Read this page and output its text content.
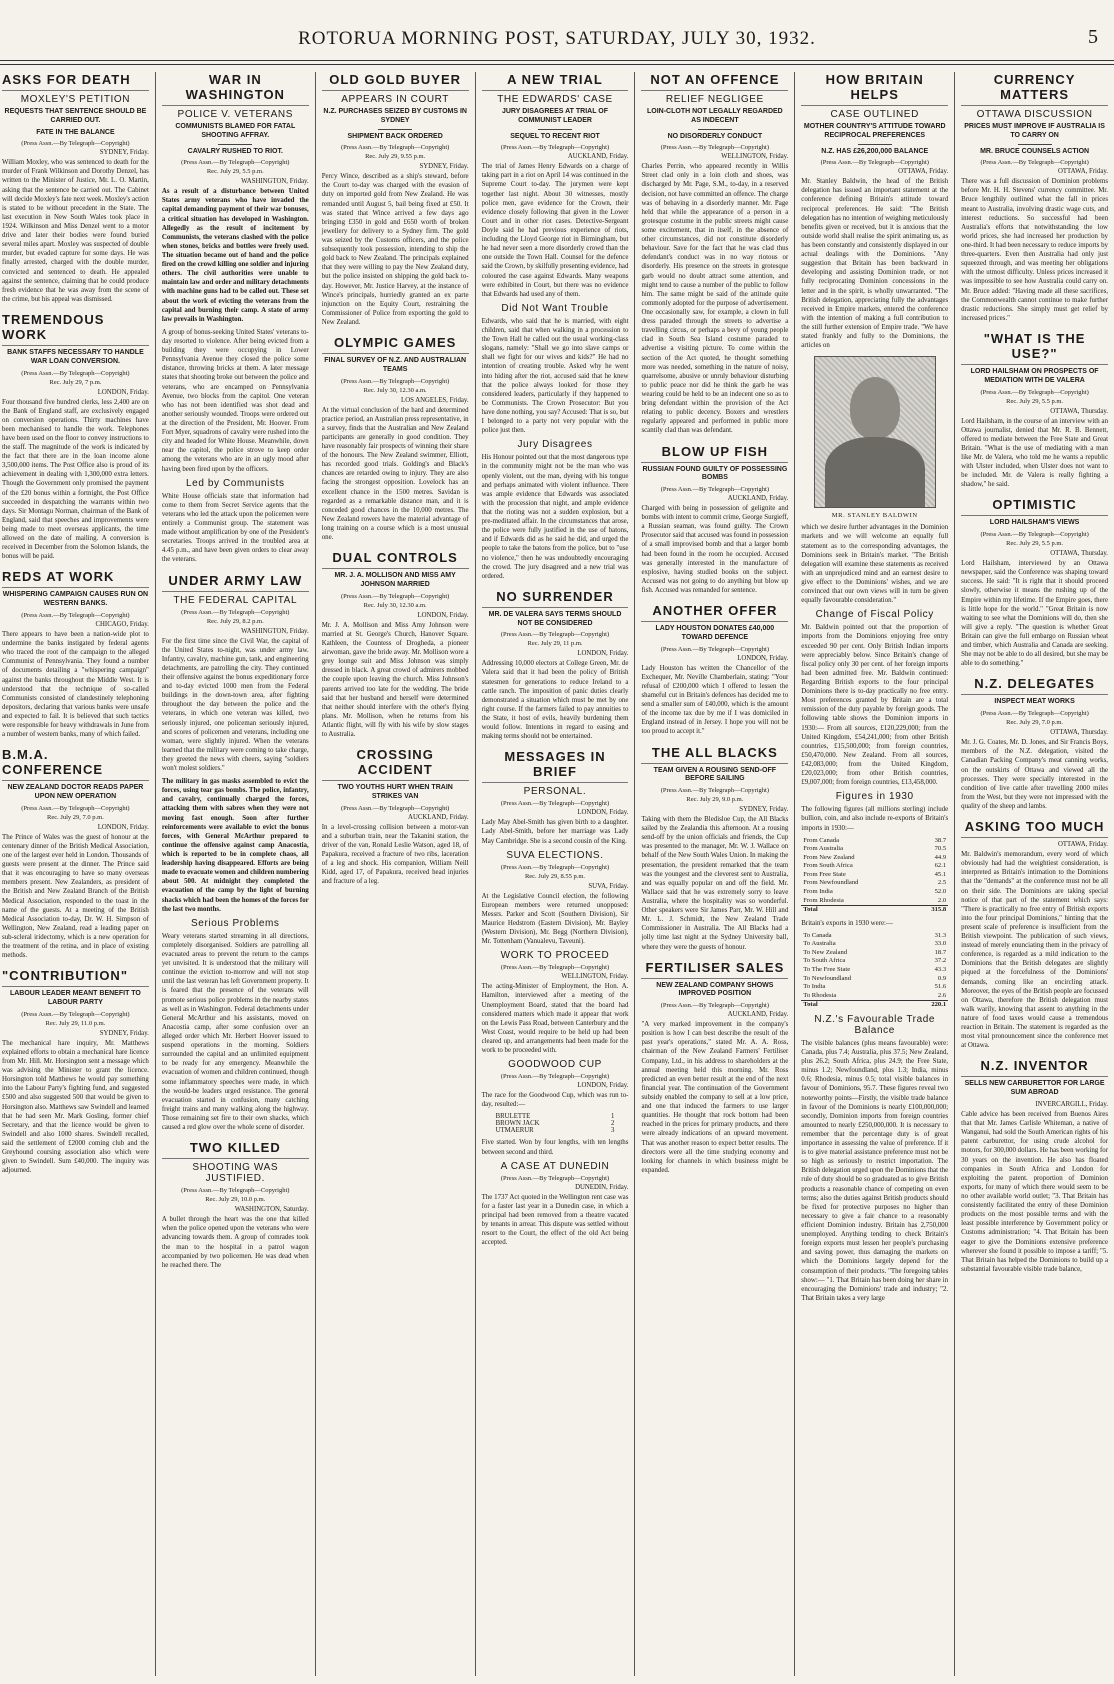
ROTORUA MORNING POST, SATURDAY, JULY 30, 1932.	5
ASKS FOR DEATH
MOXLEY'S PETITION
REQUESTS THAT SENTENCE SHOULD BE CARRIED OUT.
FATE IN THE BALANCE
(Press Assn.—By Telegraph—Copyright)
SYDNEY, Friday.

William Moxley, who was sentenced to death for the murder of Frank Wilkinson and Dorothy Denzel, has written to the Minister of Justice, Mr. L. O. Martin, asking that the sentence be carried out. The Cabinet will decide Moxley's fate next week. Moxley's action is stated to be without precedent in the State. The last execution in New South Wales took place in 1924. Wilkinson and Miss Denzel went to a motor drive and later their bodies were found buried several miles apart. Moxley was suspected of double murder, but evaded capture for some days. He was finally arrested, charged with the double murder, convicted and sentenced to death. He appealed against the sentence, claiming that he could produce fresh evidence that he was away from the scene of the crime, but his appeal was dismissed.

TREMENDOUS WORK
BANK STAFFS NECESSARY TO HANDLE WAR LOAN CONVERSION.
(Press Assn.—By Telegraph—Copyright)
Rec. July 29, 7 p.m.
LONDON, Friday.

Four thousand five hundred clerks, less 2,400 are on the Bank of England staff, are exclusively engaged on conversion operations. Thirty machines have been mechanised to handle the work. Telephones have been used on the floor to convey instructions to the staff. The magnitude of the work is indicated by the fact that there are in the loan income alone 3,500,000 items. The Post Office also is proud of its achievement in dealing with 1,300,000 extra letters. Though the Government only promised the payment of the £20 bonus within a fortnight, the Post Office succeeded in despatching the warrants within two days. Sir Montagu Norman, chairman of the Bank of England, said that speeches and improvements were being made to meet overseas applicants, the time allowed on the date of mailing. A conversion is received in December from the Solomon Islands, the bonus will be paid.

REDS AT WORK
WHISPERING CAMPAIGN CAUSES RUN ON WESTERN BANKS.
(Press Assn.—By Telegraph—Copyright)
CHICAGO, Friday.

There appears to have been a nation-wide plot to undermine the banks instigated by federal agents who traced the root of the campaign to the alleged Communist of Pennsylvania. They found a number of documents detailing a "whispering campaign" against the banks throughout the Middle West. It is understood that the technique of so-called Communists consisted of clandestinely telephoning depositors, declaring that various banks were unsafe and expected to fail. It is believed that such tactics were responsible for heavy withdrawals in June from a number of western banks, many of which failed.

B.M.A. CONFERENCE
NEW ZEALAND DOCTOR READS PAPER UPON NEW OPERATION
(Press Assn.—By Telegraph—Copyright)
Rec. July 29, 7.0 p.m.
LONDON, Friday.

The Prince of Wales was the guest of honour at the centenary dinner of the British Medical Association, one of the largest ever held in London. Thousands of guests were present at the dinner. The Prince said that it was encouraging to have so many overseas members present. New Zealanders, as president of the British and New Zealand Branch of the British Medical Association, responded to the toast in the name of the guests. At a meeting of the British Medical Association to-day, Dr. W. H. Simpson of Wellington, New Zealand, read a leading paper on sub-scleral iridectomy, which is a new operation for the treatment of the retina, and in place of existing methods.

"CONTRIBUTION"
LABOUR LEADER MEANT BENEFIT TO LABOUR PARTY
(Press Assn.—By Telegraph—Copyright)
Rec. July 29, 11.0 p.m.
SYDNEY, Friday.

The mechanical hare inquiry, Mr. Matthews explained efforts to obtain a mechanical hare licence from Mr. Hill. Mr. Horsington sent a message which was advising the Minister to grant the licence. Horsington told Matthews he would pay something into the Labour Party's fighting fund, and suggested £500 and also suggested 500 that would be given to Horsington also. Matthews saw Swindell and learned that he had seen Mr. Mark Gosling, former chief Secretary, and that the licence would be given to Swindell and also 1000 shares. Swindell recalled, said the settlement of £2000 coming club and the Greyhound coursing association also which were given to Swindell. Sum £40,000. The inquiry was adjourned.

WAR IN WASHINGTON
POLICE V. VETERANS
COMMUNISTS BLAMED FOR FATAL SHOOTING AFFRAY.
CAVALRY RUSHED TO RIOT.
(Press Assn.—By Telegraph—Copyright)
Rec. July 29, 5.5 p.m.
WASHINGTON, Friday.

As a result of a disturbance between United States army veterans who have invaded the capital demanding payment of their war bonuses, a critical situation has developed in Washington. Allegedly as the result of incitement by Communists, the veterans clashed with the police when stones, bricks and bottles were freely used. The situation became out of hand and the police fired on the crowd killing one soldier and injuring others. The civil authorities were unable to maintain law and order and military detachments with machine guns had to be called out. These set about the work of evicting the veterans from the capital and burning their camp. A state of army law prevails in Washington.

A group of bonus-seeking United States' veterans to-day resorted to violence. After being evicted from a building they were occupying in Lower Pennsylvania Avenue they closed the police some distance, throwing bricks at them. A later message states that shooting broke out between the police and veterans, who are encamped on Pennsylvania Avenue, two blocks from the capitol. One veteran who has not been identified was shot dead and another seriously wounded. Troops were ordered out at the direction of the President, Mr. Hoover. From Fort Myer, squadrons of cavalry were rushed into the city and headed for White House. Meanwhile, down near the capitol, the police strove to keep order among the veterans who are in an ugly mood after having been fired upon by the officers.

Led by Communists

White House officials state that information had come to them from Secret Service agents that the veterans who led the attack upon the policemen were entirely a Communist group. The statement was made without amplification by one of the President's secretaries. Troops arrived in the troubled area at 4.45 p.m., and have been given orders to clear away the veterans.

UNDER ARMY LAW
THE FEDERAL CAPITAL
(Press Assn.—By Telegraph—Copyright)
Rec. July 29, 8.2 p.m.
WASHINGTON, Friday.

For the first time since the Civil War, the capital of the United States to-night, was under army law. Infantry, cavalry, machine gun, tank, and engineering detachments, are patrolling the city. They continued their offensive against the bonus expeditionary force and to-day evicted 1000 men from the Federal buildings in the down-town area, after fighting throughout the day between the police and the veterans, in which one veteran was killed, two seriously injured, one policeman seriously injured, and scores of policemen and veterans, including one woman, were slightly injured. When the veterans learned that the military were coming to take charge, they greeted the news with cheers, saying "soldiers won't molest soldiers."

The military in gas masks assembled to evict the forces, using tear gas bombs. The police, infantry, and cavalry, continually charged the forces, attacking them with sabres when they were not moving fast enough. Soon after further reinforcements were available to evict the bonus forces, with General McArthur prepared to continue the offensive against camp Anacostia, which is reported to be in complete chaos, all leadership having disappeared. Efforts are being made to evacuate women and children numbering about 500. At midnight they completed the evacuation of the camp by the light of burning shacks which had been the homes of the forces for the last two months.

Serious Problems

Weary veterans started streaming in all directions, completely disorganised. Soldiers are patrolling all evacuated areas to prevent the return to the camps yet unvisited. It is understood that the military will continue the eviction to-morrow and will not stop until the last veteran has left Government property. It is feared that the presence of the veterans will promote serious police problems in the nearby states as well as in Washington. Federal detachments under General McArthur and his assistants, moved on Anacostia camp, after some confusion over an alleged order which Mr. Herbert Hoover issued to suspend operations in the morning. Soldiers surrounded the capital and an unlimited equipment to be ready for any emergency. Meanwhile the evacuation of women and children continued, though some inflammatory speeches were made, in which the would-be leaders urged resistance. The general evacuation started in confusion, many catching freight trains and many walking along the highway. Those remaining set fire to their own shacks, which caused a red glow over the whole scene of disorder.

TWO KILLED
SHOOTING WAS JUSTIFIED.
(Press Assn.—By Telegraph—Copyright)
Rec. July 29, 10.0 p.m.
WASHINGTON, Saturday.

A bullet through the heart was the one that killed when the police opened upon the veterans who were advancing towards them. A group of comrades took the man to the hospital in a patrol wagon accompanied by two policemen. He was dead when he reached there. The

OLD GOLD BUYER
APPEARS IN COURT
N.Z. PURCHASES SEIZED BY CUSTOMS IN SYDNEY
SHIPMENT BACK ORDERED
(Press Assn.—By Telegraph—Copyright)
Rec. July 29, 9.55 p.m.
SYDNEY, Friday.

Percy Wince, described as a ship's steward, before the Court to-day was charged with the evasion of duty on imported gold from New Zealand. He was remanded until August 5, bail being fixed at £50. It was stated that Wince arrived a few days ago bringing £350 in gold and £650 worth of broken jewellery for delivery to a Sydney firm. The gold was seized by the Customs officers, and the police subsequently took possession, intending to ship the gold back to New Zealand. The principals explained that they were willing to pay the New Zealand duty, but the police insisted on shipping the gold back to-day. However, Mr. Justice Harvey, at the instance of Wince's principals, hurriedly granted an ex parte injunction on the Equity Court, restraining the Commissioner of Police from exporting the gold to New Zealand.

OLYMPIC GAMES
FINAL SURVEY OF N.Z. AND AUSTRALIAN TEAMS
(Press Assn.—By Telegraph—Copyright)
Rec. July 30, 12.30 a.m.
LOS ANGELES, Friday.

At the virtual conclusion of the hard and determined practice period, an Australian press representative, in a survey, finds that the Australian and New Zealand participants are generally in good condition. They have reasonably fair prospects of winning their share of the honours. The New Zealand swimmer, Elliott, has recorded good trials. Golding's and Black's chances are retarded owing to injury. They are also facing the strongest opposition. Lovelock has an excellent chance in the 1500 metres. Savidan is regarded as a remarkable distance man, and it is conceded good chances in the 10,000 metres. The New Zealand rowers have the material advantage of long training on a course which is a most unusual one.

DUAL CONTROLS
MR. J. A. MOLLISON AND MISS AMY JOHNSON MARRIED
(Press Assn.—By Telegraph—Copyright)
Rec. July 30, 12.30 a.m.
LONDON, Friday.

Mr. J. A. Mollison and Miss Amy Johnson were married at St. George's Church, Hanover Square. Kathleen, the Countess of Drogheda, a pioneer airwoman, gave the bride away. Mr. Mollison wore a grey lounge suit and Miss Johnson was simply dressed in black. A great crowd of admirers mobbed the couple upon leaving the church. Miss Johnson's parents arrived too late for the wedding. The bride said that her husband and herself were determined that neither should interfere with the other's flying plans. Mr. Mollison, when he returns from his Atlantic flight, will fly with his wife by slow stages to Australia.

CROSSING ACCIDENT
TWO YOUTHS HURT WHEN TRAIN STRIKES VAN
(Press Assn.—By Telegraph—Copyright)
AUCKLAND, Friday.

In a level-crossing collision between a motor-van and a suburban train, near the Takanini station, the driver of the van, Ronald Leslie Watson, aged 18, of Papakura, received a fracture of two ribs, laceration of a leg and shock. His companion, William Neill Kidd, aged 17, of Papakura, received head injuries and fracture of a leg.

A NEW TRIAL
THE EDWARDS' CASE
JURY DISAGREES AT TRIAL OF COMMUNIST LEADER
SEQUEL TO RECENT RIOT
(Press Assn.—By Telegraph—Copyright)
AUCKLAND, Friday.

The trial of James Henry Edwards on a charge of taking part in a riot on April 14 was continued in the Supreme Court to-day. The jurymen were kept together last night. About 30 witnesses, mostly police men, gave evidence for the Crown, their evidence closely following that given in the Lower Court and in other riot cases. Detective-Sergeant Doyle said he had previous experience of riots, including the Lloyd George riot in Birmingham, but he had never seen a more disorderly crowd than the one outside the Town Hall. Counsel for the defence said the Crown, by skilfully presenting evidence, had coloured the case against Edwards. Many weapons were exhibited in Court, but there was no evidence that Edwards had used any of them.

Did Not Want Trouble

Edwards, who said that he is married, with eight children, said that when walking in a procession to the Town Hall he called out the usual working-class slogans, namely: "Shall we go into slave camps or shall we fight for our wives and kids?" He had no intention of creating trouble. Asked why he went into hiding after the riot, accused said that he knew that the police always looked for those they considered leaders, particularly if they happened to be Communists. The Crown Prosecutor: But you have done nothing, you say? Accused: That is so, but I belonged to a party not very popular with the police just then.

Jury Disagrees

His Honour pointed out that the most dangerous type in the community might not be the man who was openly violent, out the man, dyeing with his tongue and perhaps animated with violent influence. There was ample evidence that Edwards was associated with the procession that night, and ample evidence that the rioting was not a sudden explosion, but a pre-meditated affair. In the circumstances that arose, the police were fully justified in the use of batons, and if Edwards did as he said he did, and urged the people to take the batons from the police, but to "use no violence," then he was undoubtedly encouraging the crowd. The jury disagreed and a new trial was ordered.

NO SURRENDER
MR. DE VALERA SAYS TERMS SHOULD NOT BE CONSIDERED
(Press Assn.—By Telegraph—Copyright)
Rec. July 29, 11 p.m.
LONDON, Friday.

Addressing 10,000 electors at College Green, Mr. de Valera said that it had been the policy of British statesmen for generations to reduce Ireland to a cattle ranch. The imposition of panic duties clearly demonstrated a situation which must be met by one right course. If the farmers failed to pay annuities to the State, it host of evils, heavily burdening them would follow. Intentions in regard to easing and making terms should not be entertained.

MESSAGES IN BRIEF
PERSONAL.
(Press Assn.—By Telegraph—Copyright)
LONDON, Friday.

Lady May Abel-Smith has given birth to a daughter. Lady Abel-Smith, before her marriage was Lady May Cambridge. She is a second cousin of the King.

SUVA ELECTIONS.
(Press Assn.—By Telegraph—Copyright)
Rec. July 29, 8.55 p.m.
SUVA, Friday.

At the Legislative Council election, the following European members were returned unopposed: Messrs. Parker and Scott (Southern Division), Sir Maurice Hedstrom (Eastern Division), Mr. Bayley (Western Division), Mr. Begg (Northern Division), Mr. Tottenham (Vanualevu, Taveuni).

WORK TO PROCEED
(Press Assn.—By Telegraph—Copyright)
WELLINGTON, Friday.

The acting-Minister of Employment, the Hon. A. Hamilton, interviewed after a meeting of the Unemployment Board, stated that the board had considered matters which made it appear that work on the Lewis Pass Road, between Canterbury and the West Coast, would require to be held up had been cleared up, and arrangements had been made for the work to be proceeded with.

GOODWOOD CUP
(Press Assn.—By Telegraph—Copyright)
LONDON, Friday.

The race for the Goodwood Cup, which was run to-day, resulted:—

BRULETTE	1
BROWN JACK	2
UTMAERUR	3

Five started. Won by four lengths, with ten lengths between second and third.

A CASE AT DUNEDIN
(Press Assn.—By Telegraph—Copyright)
DUNEDIN, Friday.

The 1737 Act quoted in the Wellington rent case was for a faster last year in a Dunedin case, in which a principal had been removed from a theatre vacated by tenants in arrear. This dispute was settled without resort to the Court, the effect of the old Act being accepted.

NOT AN OFFENCE
RELIEF NEGLIGEE
LOIN-CLOTH NOT LEGALLY REGARDED AS INDECENT
NO DISORDERLY CONDUCT
(Press Assn.—By Telegraph—Copyright)
WELLINGTON, Friday.

Charles Perrin, who appeared recently in Willis Street clad only in a loin cloth and shoes, was discharged by Mr. Page, S.M., to-day, in a reserved decision, not have committed an offence. The charge was of behaving in a disorderly manner. Mr. Page held that while the appearance of a person in a grotesque costume in the public streets might cause some excitement, that in itself, in the absence of other circumstances, did not constitute disorderly behaviour. Save for the fact that he was clad thus defendant's conduct was in no way riotous or disorderly. His presence on the streets in grotesque garb would no doubt attract some attention, and might tend to cause a number of the public to follow him. The same might be said of the attitude quite commonly adopted for the purpose of advertisement. One occasionally saw, for example, a clown in full dress paraded through the streets to advertise a travelling circus, or perhaps a bevy of young people clad in South Sea Island costume paraded to advertise a visiting picture. To come within the section of the Act quoted, he thought something more was needed, something in the nature of noisy, quarrelsome, abusive or unruly behaviour disturbing to public peace nor did he think the garb he was wearing could be held to be an indecent one so as to bring defendant within the provision of the Act relating to public decency. Boxers and wrestlers regularly appeared and performed in public more scantily clad than was defendant.

BLOW UP FISH
RUSSIAN FOUND GUILTY OF POSSESSING BOMBS
(Press Assn.—By Telegraph—Copyright)
AUCKLAND, Friday.

Charged with being in possession of gelignite and bombs with intent to commit crime, George Surgieff, a Russian seaman, was found guilty. The Crown Prosecutor said that accused was found in possession of a small improvised bomb and that a larger bomb had been found in the room he occupied. Accused was generally interested in the manufacture of explosive, having studied books on the subject. Accused was not going to do anything but blow up fish. Accused was remanded for sentence.

ANOTHER OFFER
LADY HOUSTON DONATES £40,000 TOWARD DEFENCE
(Press Assn.—By Telegraph—Copyright)
LONDON, Friday.

Lady Houston has written the Chancellor of the Exchequer, Mr. Neville Chamberlain, stating: "Your refusal of £200,000 which I offered to lessen the shameful cut in Britain's defences has decided me to send a smaller sum of £40,000, which is the amount of the income tax due by me if I was domiciled in England instead of in Jersey. I hope you will not be too proud to accept it."

THE ALL BLACKS
TEAM GIVEN A ROUSING SEND-OFF BEFORE SAILING
(Press Assn.—By Telegraph—Copyright)
Rec. July 29, 9.0 p.m.
SYDNEY, Friday.

Taking with them the Bledisloe Cup, the All Blacks sailed by the Zealandia this afternoon. At a rousing send-off by the union officials and friends, the Cup was presented to the manager, Mr. W. J. Wallace on behalf of the New South Wales Union. In making the presentation, the president remarked that the team was the youngest and the cleverest sent to Australia, and was equally popular on and off the field. Mr. Wallace said that he was extremely sorry to leave Australia, where the hospitality was so wonderful. Other speakers were Sir James Parr, Mr. W. Hill and Mr. L. J. Schmidt, the New Zealand Trade Commissioner in Australia. The All Blacks had a jolly time last night at the Sydney University ball, where they were the guests of honour.

FERTILISER SALES
NEW ZEALAND COMPANY SHOWS IMPROVED POSITION
(Press Assn.—By Telegraph—Copyright)
AUCKLAND, Friday.

"A very marked improvement in the company's position is how I can best describe the result of the past year's operations," stated Mr. A. A. Ross, chairman of the New Zealand Farmers' Fertiliser Company, Ltd., in his address to shareholders at the annual meeting held this morning. Mr. Ross predicted an even better result at the end of the next financial year. The continuation of the Government subsidy enabled the company to sell at a low price, and one that induced the farmers to use larger quantities. He thought that rock bottom had been reached in the prices for primary products, and there were already indications of an upward movement. That was another reason to expect better results. The directors were all the time studying economy and looking for channels in which business might be expanded.

HOW BRITAIN HELPS
CASE OUTLINED
MOTHER COUNTRY'S ATTITUDE TOWARD RECIPROCAL PREFERENCES
N.Z. HAS £26,200,000 BALANCE
(Press Assn.—By Telegraph—Copyright)
OTTAWA, Friday.

Mr. Stanley Baldwin, the head of the British delegation has issued an important statement at the conference defining Britain's attitude toward reciprocal preferences. He said: "The British delegation has no intention of weighing meticulously benefits given or received, but it is anxious that the outside world shall realise the spirit animating us, as has been constantly and consistently displayed in our actual dealings with the Dominions. "Any suggestion that Britain has been backward in developing and assisting Dominion trade, or not fully reciprocating Dominion concessions in the letter and in the spirit, is wholly unwarranted. "The British delegation, appreciating fully the advantages received in Empire markets, entered the conference with the intention of making a full contribution to the still further extension of Empire trade. "We have stated frankly and fully to the Dominions, the articles on

MR. STANLEY BALDWIN

which we desire further advantages in the Dominion markets and we will welcome an equally full statement as to the corresponding advantages, the Dominions seek in Britain's market. "The British delegation will examine these statements as received with an unprejudiced mind and an earnest desire to give effect to the Dominions' wishes, and we are convinced that our own views will in turn be given equally favourable consideration."

Change of Fiscal Policy

Mr. Baldwin pointed out that the proportion of imports from the Dominions enjoying free entry exceeded 90 per cent. Only British Indian imports were appreciably below. Since Britain's change of fiscal policy only 30 per cent. of her foreign imports had been admitted free. Mr. Baldwin continued: Regarding British exports to the four principal Dominions there is to-day practically no free entry. Most preferences granted by Britain are a total remission of the duty payable by foreign goods. The following table shows the Dominion imports in 1930:— From all sources, £120,229,000; from the United Kingdom, £54,241,000; from other British countries, £15,500,000; from foreign countries, £50,470,000. New Zealand. From all sources, £42,083,000; from the United Kingdom, £20,023,000; from other British countries, £9,007,000; from foreign countries, £13,458,000.

Figures in 1930

The following figures (all millions sterling) include bullion, coin, and also include re-exports of Britain's imports in 1930:—

From Canada	38.7
From Australia	70.5
From New Zealand	44.9
From South Africa	62.1
From Free State	45.1
From Newfoundland	2.5
From India	52.0
From Rhodesia	2.0
Total	315.8

Britain's exports in 1930 were:—

To Canada	31.3
To Australia	33.0
To New Zealand	18.7
To South Africa	37.2
To The Free State	43.3
To Newfoundland	0.9
To India	51.6
To Rhodesia	2.6
Total	220.1
N.Z.'s Favourable Trade Balance

The visible balances (plus means favourable) were: Canada, plus 7.4; Australia, plus 37.5; New Zealand, plus 26.2; South Africa, plus 24.9; the Free State, minus 1.2; Newfoundland, plus 1.3; India, minus 0.6; Rhodesia, minus 0.5; total visible balances in favour of Dominions, 95.7. These figures reveal two noteworthy points—Firstly, the visible trade balance in favour of the Dominions is nearly £100,000,000; secondly, Dominion imports from foreign countries amounted to nearly £250,000,000. It is necessary to remember that the percentage duty is of great importance in assessing the value of preference. If it is to give material assistance preference must not be so high as seriously to restrict importation. The British delegation urged upon the Dominions that the rule of duty should be so graduated as to give British products a reasonable chance of competing on even terms; also the duties against British products should be fixed for protective purposes no higher than necessary to give a fair chance to a reasonably efficient Dominion industry. Britain has 2,750,000 unemployed. Anything tending to check Britain's foreign exports must lessen her people's purchasing and saving power, thus damaging the markets on which the Dominions largely depend for the consumption of their products. "The foregoing tables show:— "1. That Britain has been doing her share in encouraging the Dominions' trade and industry; "2. That Britain takes a very large

CURRENCY MATTERS
OTTAWA DISCUSSION
PRICES MUST IMPROVE IF AUSTRALIA IS TO CARRY ON
MR. BRUCE COUNSELS ACTION
(Press Assn.—By Telegraph—Copyright)
OTTAWA, Friday.

There was a full discussion of Dominion problems before Mr. H. H. Stevens' currency committee. Mr. Bruce lengthily outlined what the fall in prices meant to Australia, involving drastic wage cuts, and interest reductions. So successful had been Australia's efforts that notwithstanding the low world prices, she had increased her production by one-third. It had been necessary to reduce imports by three-quarters. Even then Australia had only just squeezed through, and was meeting her obligations with the utmost difficulty. Unless prices increased it was impossible to see how Australia could carry on. Mr. Bruce added: "Having made all these sacrifices, the Commonwealth cannot continue to make further drastic reductions. She simply must get relief by increased prices."

"WHAT IS THE USE?"
LORD HAILSHAM ON PROSPECTS OF MEDIATION WITH DE VALERA
(Press Assn.—By Telegraph—Copyright)
Rec. July 29, 5.5 p.m.
OTTAWA, Thursday.

Lord Hailsham, in the course of an interview with an Ottawa journalist, denied that Mr. R. B. Bennett, offered to mediate between the Free State and Great Britain. "What is the use of mediating with a man like Mr. de Valera, who told me he wants a republic with Ulster included, when Ulster does not want to be included. Mr. de Valera is really fighting a shadow," he said.

OPTIMISTIC
LORD HAILSHAM'S VIEWS
(Press Assn.—By Telegraph—Copyright)
Rec. July 29, 5.5 p.m.
OTTAWA, Thursday.

Lord Hailsham, interviewed by an Ottawa newspaper, said the Conference was shaping toward success. He said: "It is right that it should proceed slowly, otherwise it means the rushing up of the Empire within my lifetime. If the Empire goes, there is little hope for the world." "Great Britain is now waiting to see what the Dominions will do, then she will give a reply. "The question is whether Great Britain can give the full embargo on Russian wheat and timber, which Australia and Canada are seeking. She may not be able to do all desired, but she may be able to do something."

N.Z. DELEGATES
INSPECT MEAT WORKS
(Press Assn.—By Telegraph—Copyright)
Rec. July 29, 7.0 p.m.
OTTAWA, Thursday.

Mr. J. G. Coates, Mr. D. Jones, and Sir Francis Boys, members of the N.Z. delegation, visited the Canadian Packing Company's meat canning works, on the outskirts of Ottawa and viewed all the processes. They were specially interested in the condition of live cattle after travelling 2000 miles from the West, but they were not impressed with the quality of the sheep and lambs.

ASKING TOO MUCH
OTTAWA, Friday.

Mr. Baldwin's memorandum, every word of which obviously had had the weightiest consideration, is interpreted as Britain's intimation to the Dominions that the "demands" at the conference must not be all on their side. The Dominions are taking special notice of that part of the statement which says: "There is practically no free entry of British exports into the four principal Dominions," hinting that the present scale of preference is insufficient from the British viewpoint. The publication of such views, instead of merely enunciating them in the privacy of conference, is regarded as a mild indication to the Dominions that the British delegates are slightly piqued at the forcefulness of the Dominions' demands, coming like an encircling attack. Moreover, the eyes of the British people are focussed on Ottawa, therefore the British delegation must walk warily, knowing that assent to anything in the nature of food taxes would cause a tremendous reaction in Britain. The statement is regarded as the most vital pronouncement since the conference met at Ottawa.

N.Z. INVENTOR
SELLS NEW CARBURETTOR FOR LARGE SUM ABROAD
INVERCARGILL, Friday.

Cable advice has been received from Buenos Aires that that Mr. James Carlisle Whiteman, a native of Wanganui, had sold the South American rights of his patent carburettor, for using crude alcohol for motors, for 300,000 dollars. He has been working for 30 years on the invention. He also has floated companies in South Africa and London for exploiting the patent. proportion of Dominion exports, for many of which there would seem to be no other available world outlet; "3. That Britain has consistently facilitated the entry of these Dominion products on the most possible terms and with the least possible interference by Government policy or Customs administration; "4. That Britain has been eager to give the Dominions extensive preference wherever she found it possible to impose a tariff; "5. That Britain has helped the Dominions to build up a substantial favourable visible trade balance,
